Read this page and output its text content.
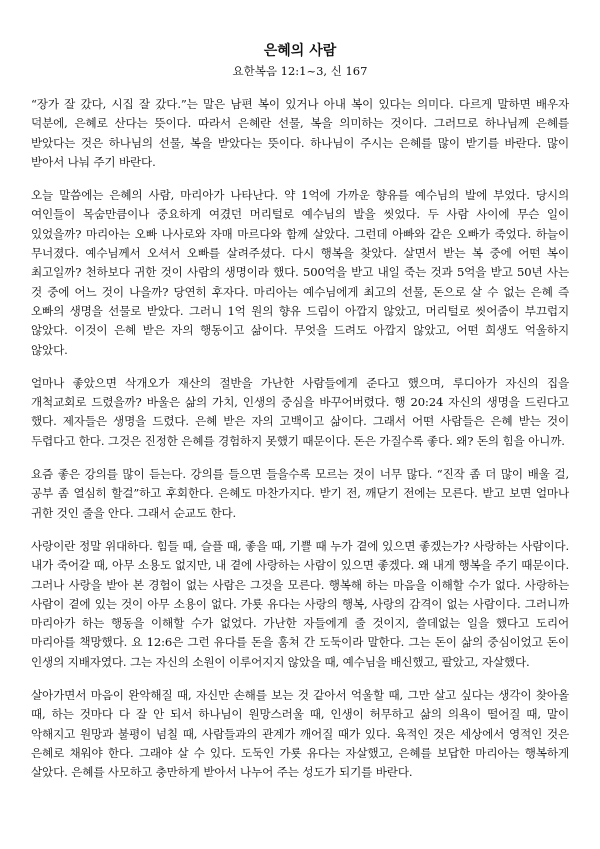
은혜의 사람
요한복음 12:1~3, 신 167

“장가 잘 갔다, 시집 잘 갔다.”는 말은 남편 복이 있거나 아내 복이 있다는 의미다. 다르게 말하면 배우자 덕분에, 은혜로 산다는 뜻이다. 따라서 은혜란 선물, 복을 의미하는 것이다. 그러므로 하나님께 은혜를 받았다는 것은 하나님의 선물, 복을 받았다는 뜻이다. 하나님이 주시는 은혜를 많이 받기를 바란다. 많이 받아서 나눠 주기 바란다.

오늘 말씀에는 은혜의 사람, 마리아가 나타난다. 약 1억에 가까운 향유를 예수님의 발에 부었다. 당시의 여인들이 목숨만큼이나 중요하게 여겼던 머리털로 예수님의 발을 씻었다. 두 사람 사이에 무슨 일이 있었을까? 마리아는 오빠 나사로와 자매 마르다와 함께 살았다. 그런데 아빠와 같은 오빠가 죽었다. 하늘이 무너졌다. 예수님께서 오셔서 오빠를 살려주셨다. 다시 행복을 찾았다. 살면서 받는 복 중에 어떤 복이 최고일까? 천하보다 귀한 것이 사람의 생명이라 했다. 500억을 받고 내일 죽는 것과 5억을 받고 50년 사는 것 중에 어느 것이 나을까? 당연히 후자다. 마리아는 예수님에게 최고의 선물, 돈으로 살 수 없는 은혜 즉 오빠의 생명을 선물로 받았다. 그러니 1억 원의 향유 드림이 아깝지 않았고, 머리털로 씻어줌이 부끄럽지 않았다. 이것이 은혜 받은 자의 행동이고 삶이다. 무엇을 드려도 아깝지 않았고, 어떤 희생도 억울하지 않았다.

얼마나 좋았으면 삭개오가 재산의 절반을 가난한 사람들에게 준다고 했으며, 루디아가 자신의 집을 개척교회로 드렸을까? 바울은 삶의 가치, 인생의 중심을 바꾸어버렸다. 행 20:24 자신의 생명을 드린다고 했다. 제자들은 생명을 드렸다. 은혜 받은 자의 고백이고 삶이다. 그래서 어떤 사람들은 은혜 받는 것이 두렵다고 한다. 그것은 진정한 은혜를 경험하지 못했기 때문이다. 돈은 가질수록 좋다. 왜? 돈의 힘을 아니까.

요즘 좋은 강의를 많이 듣는다. 강의를 들으면 들을수록 모르는 것이 너무 많다. “진작 좀 더 많이 배울 걸, 공부 좀 열심히 할걸”하고 후회한다. 은혜도 마찬가지다. 받기 전, 깨닫기 전에는 모른다. 받고 보면 얼마나 귀한 것인 줄을 안다. 그래서 순교도 한다.

사랑이란 정말 위대하다. 힘들 때, 슬플 때, 좋을 때, 기쁠 때 누가 곁에 있으면 좋겠는가? 사랑하는 사람이다. 내가 죽어갈 때, 아무 소용도 없지만, 내 곁에 사랑하는 사람이 있으면 좋겠다. 왜 내게 행복을 주기 때문이다. 그러나 사랑을 받아 본 경험이 없는 사람은 그것을 모른다. 행복해 하는 마음을 이해할 수가 없다. 사랑하는 사람이 곁에 있는 것이 아무 소용이 없다. 가룟 유다는 사랑의 행복, 사랑의 감격이 없는 사람이다. 그러니까 마리아가 하는 행동을 이해할 수가 없었다. 가난한 자들에게 줄 것이지, 쓸데없는 일을 했다고 도리어 마리아를 책망했다. 요 12:6은 그런 유다를 돈을 훔쳐 간 도둑이라 말한다. 그는 돈이 삶의 중심이었고 돈이 인생의 지배자였다. 그는 자신의 소원이 이루어지지 않았을 때, 예수님을 배신했고, 팔았고, 자살했다.

살아가면서 마음이 완악해질 때, 자신만 손해를 보는 것 같아서 억울할 때, 그만 살고 싶다는 생각이 찾아올 때, 하는 것마다 다 잘 안 되서 하나님이 원망스러울 때, 인생이 허무하고 삶의 의욕이 떨어질 때, 말이 악해지고 원망과 불평이 넘칠 때, 사람들과의 관계가 깨어질 때가 있다. 육적인 것은 세상에서 영적인 것은 은혜로 채워야 한다. 그래야 살 수 있다. 도둑인 가룟 유다는 자살했고, 은혜를 보답한 마리아는 행복하게 살았다. 은혜를 사모하고 충만하게 받아서 나누어 주는 성도가 되기를 바란다.
